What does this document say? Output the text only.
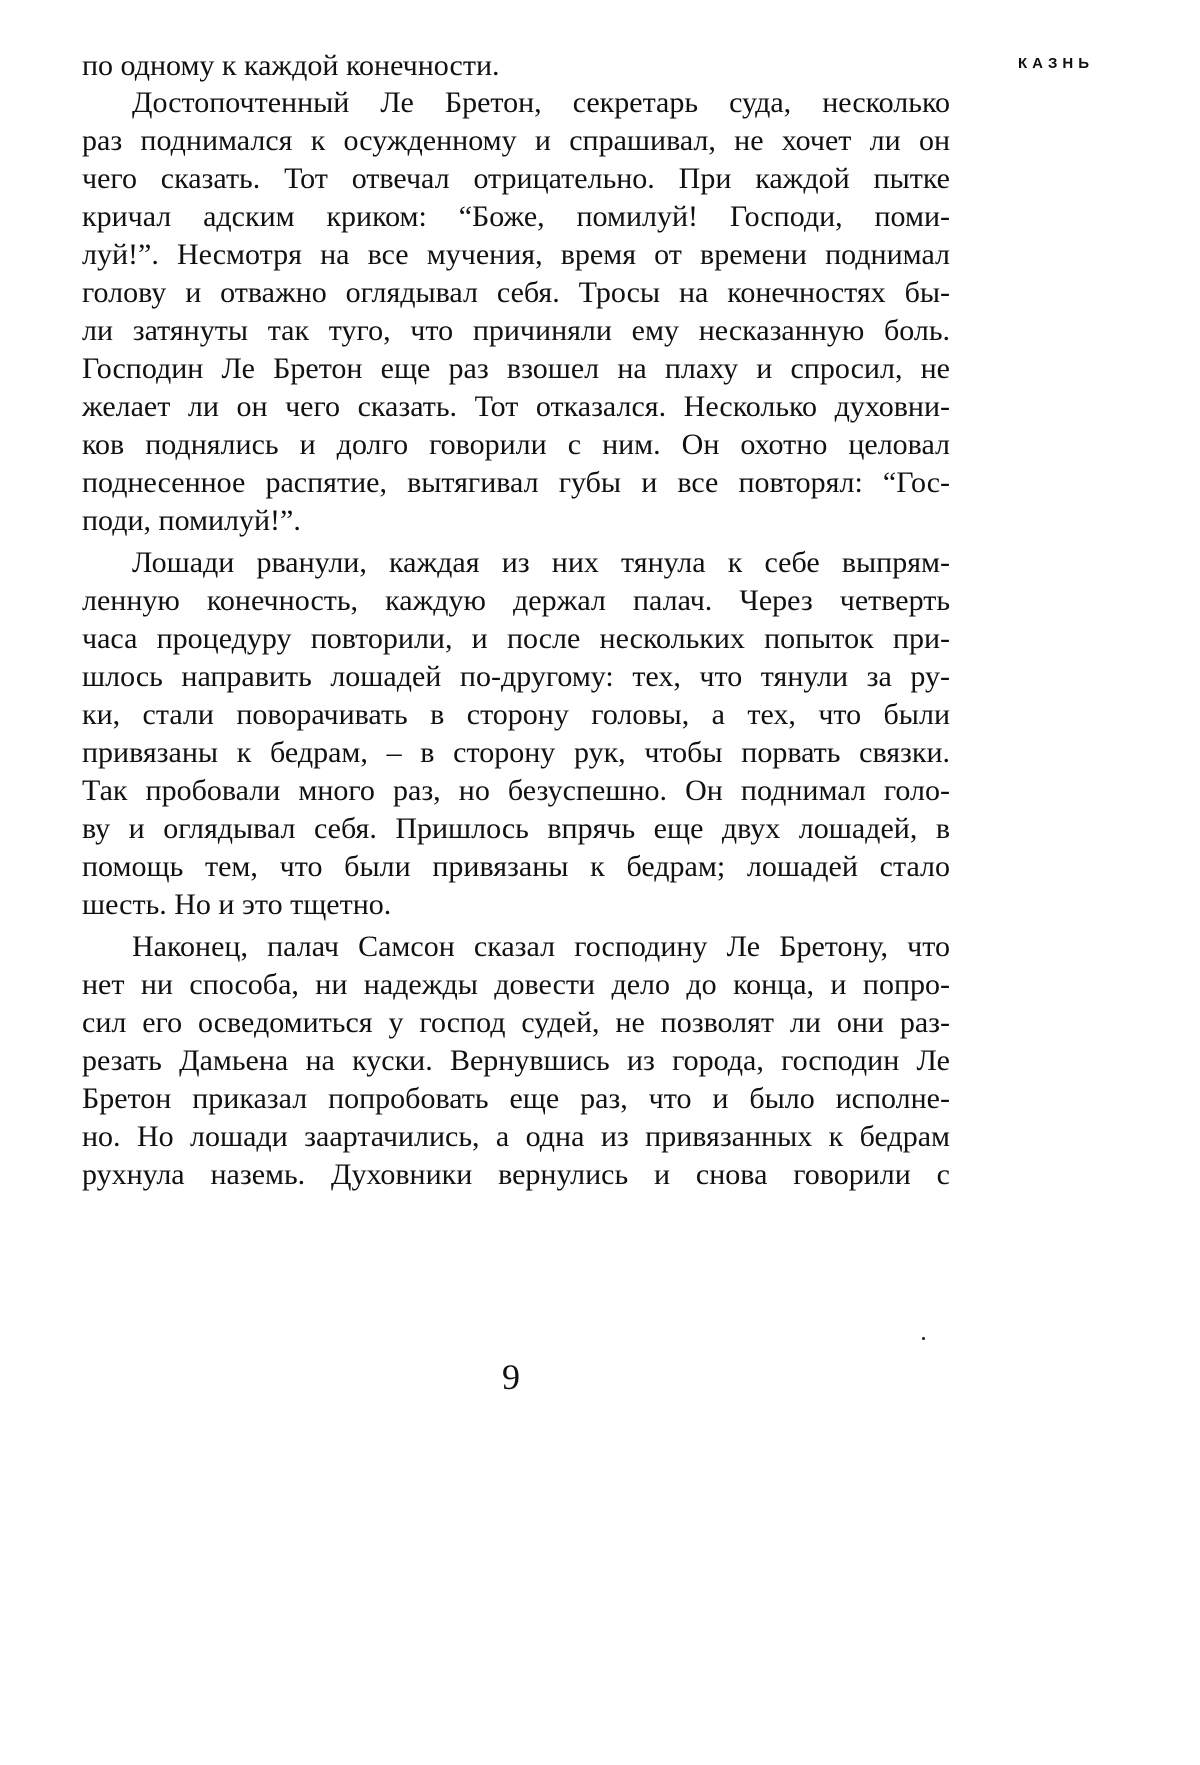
КАЗНЬ
по одному к каждой конечности.
Достопочтенный Ле Бретон, секретарь суда, несколько
раз поднимался к осужденному и спрашивал, не хочет ли он
чего сказать. Тот отвечал отрицательно. При каждой пытке
кричал адским криком: “Боже, помилуй! Господи, поми-
луй!”. Несмотря на все мучения, время от времени поднимал
голову и отважно оглядывал себя. Тросы на конечностях бы-
ли затянуты так туго, что причиняли ему несказанную боль.
Господин Ле Бретон еще раз взошел на плаху и спросил, не
желает ли он чего сказать. Тот отказался. Несколько духовни-
ков поднялись и долго говорили с ним. Он охотно целовал
поднесенное распятие, вытягивал губы и все повторял: “Гос-
поди, помилуй!”.
Лошади рванули, каждая из них тянула к себе выпрям-
ленную конечность, каждую держал палач. Через четверть
часа процедуру повторили, и после нескольких попыток при-
шлось направить лошадей по-другому: тех, что тянули за ру-
ки, стали поворачивать в сторону головы, а тех, что были
привязаны к бедрам, – в сторону рук, чтобы порвать связки.
Так пробовали много раз, но безуспешно. Он поднимал голо-
ву и оглядывал себя. Пришлось впрячь еще двух лошадей, в
помощь тем, что были привязаны к бедрам; лошадей стало
шесть. Но и это тщетно.
Наконец, палач Самсон сказал господину Ле Бретону, что
нет ни способа, ни надежды довести дело до конца, и попро-
сил его осведомиться у господ судей, не позволят ли они раз-
резать Дамьена на куски. Вернувшись из города, господин Ле
Бретон приказал попробовать еще раз, что и было исполне-
но. Но лошади заартачились, а одна из привязанных к бедрам
рухнула наземь. Духовники вернулись и снова говорили с
9
